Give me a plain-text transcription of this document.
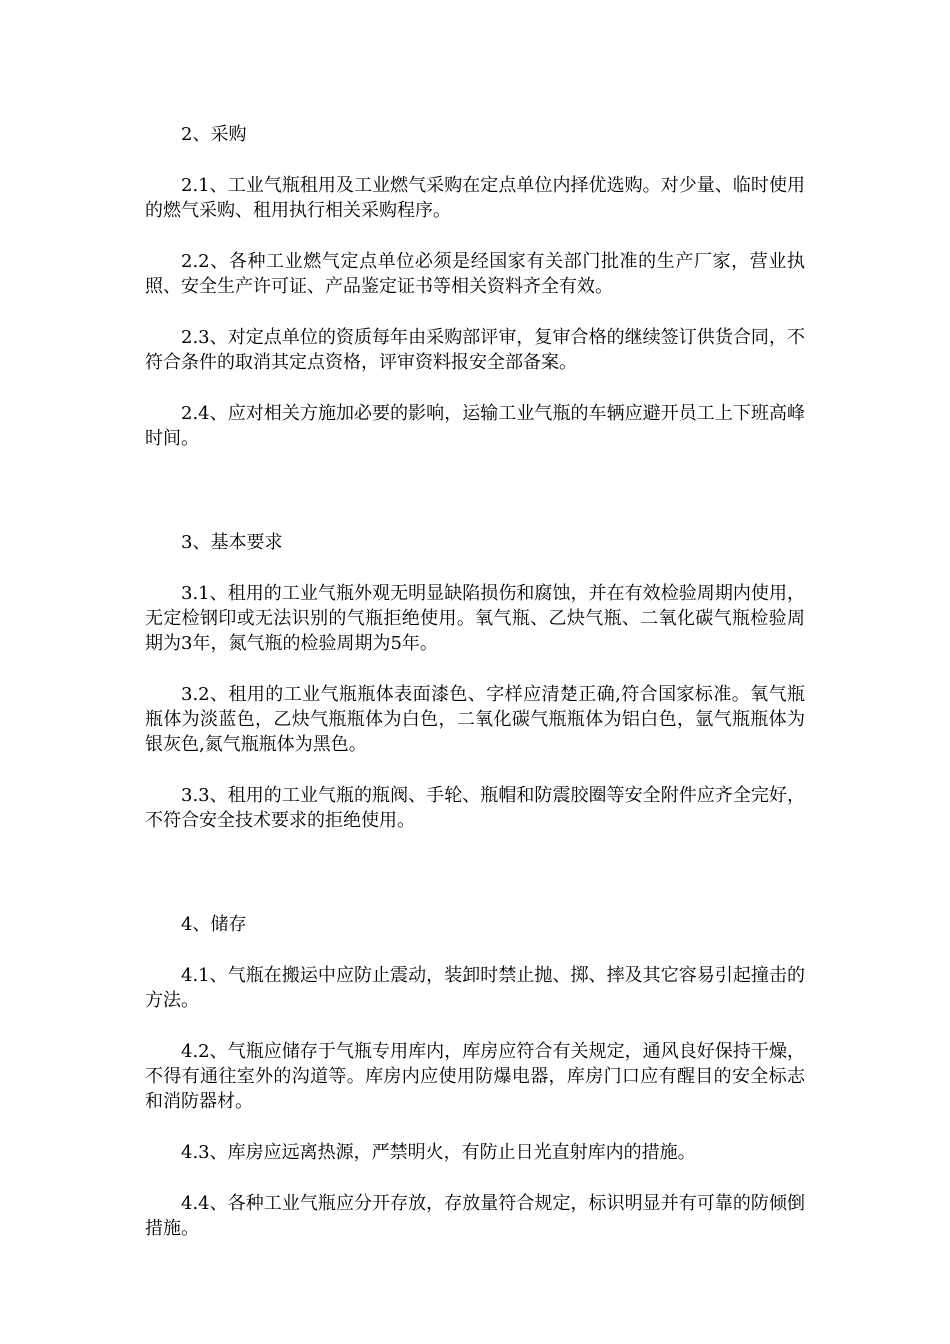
2、采购

2.1、工业气瓶租用及工业燃气采购在定点单位内择优选购。对少量、临时使用的燃气采购、租用执行相关采购程序。

2.2、各种工业燃气定点单位必须是经国家有关部门批准的生产厂家，营业执照、安全生产许可证、产品鉴定证书等相关资料齐全有效。

2.3、对定点单位的资质每年由采购部评审，复审合格的继续签订供货合同，不符合条件的取消其定点资格，评审资料报安全部备案。

2.4、应对相关方施加必要的影响，运输工业气瓶的车辆应避开员工上下班高峰时间。

3、基本要求

3.1、租用的工业气瓶外观无明显缺陷损伤和腐蚀，并在有效检验周期内使用，无定检钢印或无法识别的气瓶拒绝使用。氧气瓶、乙炔气瓶、二氧化碳气瓶检验周期为3年，氮气瓶的检验周期为5年。

3.2、租用的工业气瓶瓶体表面漆色、字样应清楚正确,符合国家标准。氧气瓶瓶体为淡蓝色，乙炔气瓶瓶体为白色，二氧化碳气瓶瓶体为铝白色，氩气瓶瓶体为银灰色,氮气瓶瓶体为黑色。

3.3、租用的工业气瓶的瓶阀、手轮、瓶帽和防震胶圈等安全附件应齐全完好，不符合安全技术要求的拒绝使用。

4、储存

4.1、气瓶在搬运中应防止震动，装卸时禁止抛、掷、摔及其它容易引起撞击的方法。

4.2、气瓶应储存于气瓶专用库内，库房应符合有关规定，通风良好保持干燥，不得有通往室外的沟道等。库房内应使用防爆电器，库房门口应有醒目的安全标志和消防器材。

4.3、库房应远离热源，严禁明火，有防止日光直射库内的措施。

4.4、各种工业气瓶应分开存放，存放量符合规定，标识明显并有可靠的防倾倒措施。
